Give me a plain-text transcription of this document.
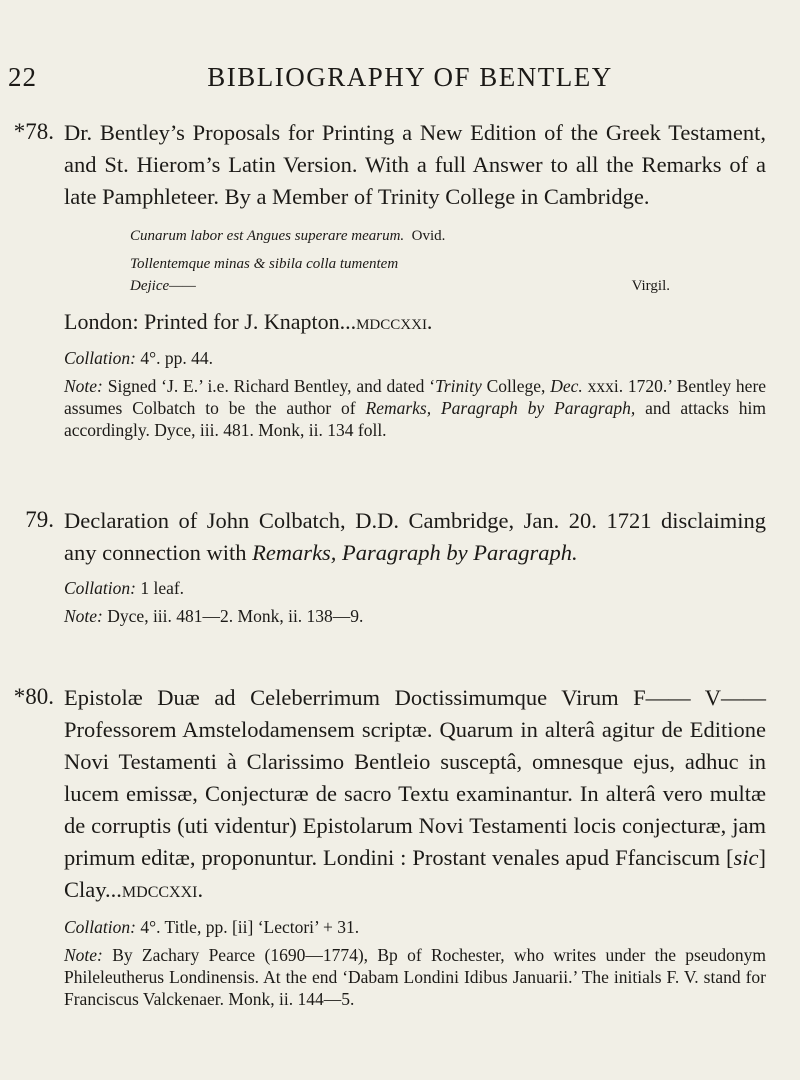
22	BIBLIOGRAPHY OF BENTLEY
*78. Dr. Bentley’s Proposals for Printing a New Edition of the Greek Testament, and St. Hierom’s Latin Version. With a full Answer to all the Remarks of a late Pamphleteer. By a Member of Trinity College in Cambridge.

Cunarum labor est Angues superare mearum. Ovid.

Tollentemque minas & sibila colla tumentem

Dejice——	Virgil.

London: Printed for J. Knapton...mdccxxi.

Collation: 4°. pp. 44.

Note: Signed ‘J. E.’ i.e. Richard Bentley, and dated ‘Trinity College, Dec. xxxi. 1720.’ Bentley here assumes Colbatch to be the author of Remarks, Paragraph by Paragraph, and attacks him accordingly. Dyce, iii. 481. Monk, ii. 134 foll.

79. Declaration of John Colbatch, D.D. Cambridge, Jan. 20. 1721 disclaiming any connection with Remarks, Paragraph by Paragraph.

Collation: 1 leaf.

Note: Dyce, iii. 481—2. Monk, ii. 138—9.

*80. Epistolæ Duæ ad Celeberrimum Doctissimumque Virum F—— V—— Professorem Amstelodamensem scriptæ. Quarum in alterâ agitur de Editione Novi Testamenti à Clarissimo Bentleio susceptâ, omnesque ejus, adhuc in lucem emissæ, Conjecturæ de sacro Textu examinantur. In alterâ vero multæ de corruptis (uti videntur) Epistolarum Novi Testamenti locis conjecturæ, jam primum editæ, proponuntur. Londini : Prostant venales apud Ffanciscum [sic] Clay...mdccxxi.

Collation: 4°. Title, pp. [ii] ‘Lectori’ + 31.

Note: By Zachary Pearce (1690—1774), Bp of Rochester, who writes under the pseudonym Phileleutherus Londinensis. At the end ‘Dabam Londini Idibus Januarii.’ The initials F. V. stand for Franciscus Valckenaer. Monk, ii. 144—5.
